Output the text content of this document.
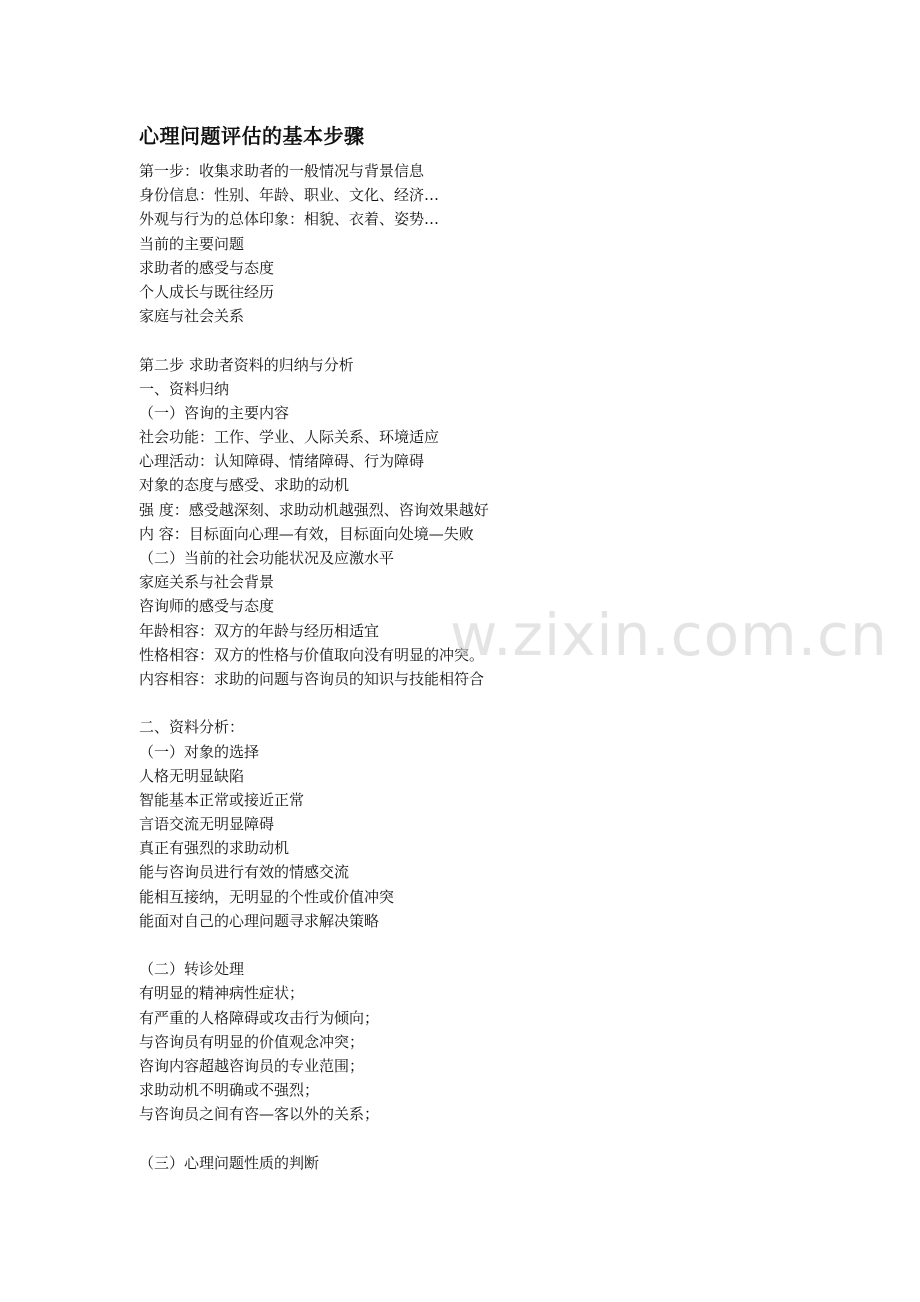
心理问题评估的基本步骤
第一步：收集求助者的一般情况与背景信息
身份信息：性别、年龄、职业、文化、经济…
外观与行为的总体印象：相貌、衣着、姿势…
当前的主要问题
求助者的感受与态度
个人成长与既往经历
家庭与社会关系
第二步 求助者资料的归纳与分析
一、资料归纳
（一）咨询的主要内容
社会功能：工作、学业、人际关系、环境适应
心理活动：认知障碍、情绪障碍、行为障碍
对象的态度与感受、求助的动机
强 度：感受越深刻、求助动机越强烈、咨询效果越好
内 容：目标面向心理—有效，目标面向处境—失败
（二）当前的社会功能状况及应激水平
家庭关系与社会背景
咨询师的感受与态度
年龄相容：双方的年龄与经历相适宜
性格相容：双方的性格与价值取向没有明显的冲突。
内容相容：求助的问题与咨询员的知识与技能相符合
二、资料分析：
（一）对象的选择
人格无明显缺陷
智能基本正常或接近正常
言语交流无明显障碍
真正有强烈的求助动机
能与咨询员进行有效的情感交流
能相互接纳，无明显的个性或价值冲突
能面对自己的心理问题寻求解决策略
（二）转诊处理
有明显的精神病性症状；
有严重的人格障碍或攻击行为倾向；
与咨询员有明显的价值观念冲突；
咨询内容超越咨询员的专业范围；
求助动机不明确或不强烈；
与咨询员之间有咨—客以外的关系；
（三）心理问题性质的判断
w.zixin.com.cn
